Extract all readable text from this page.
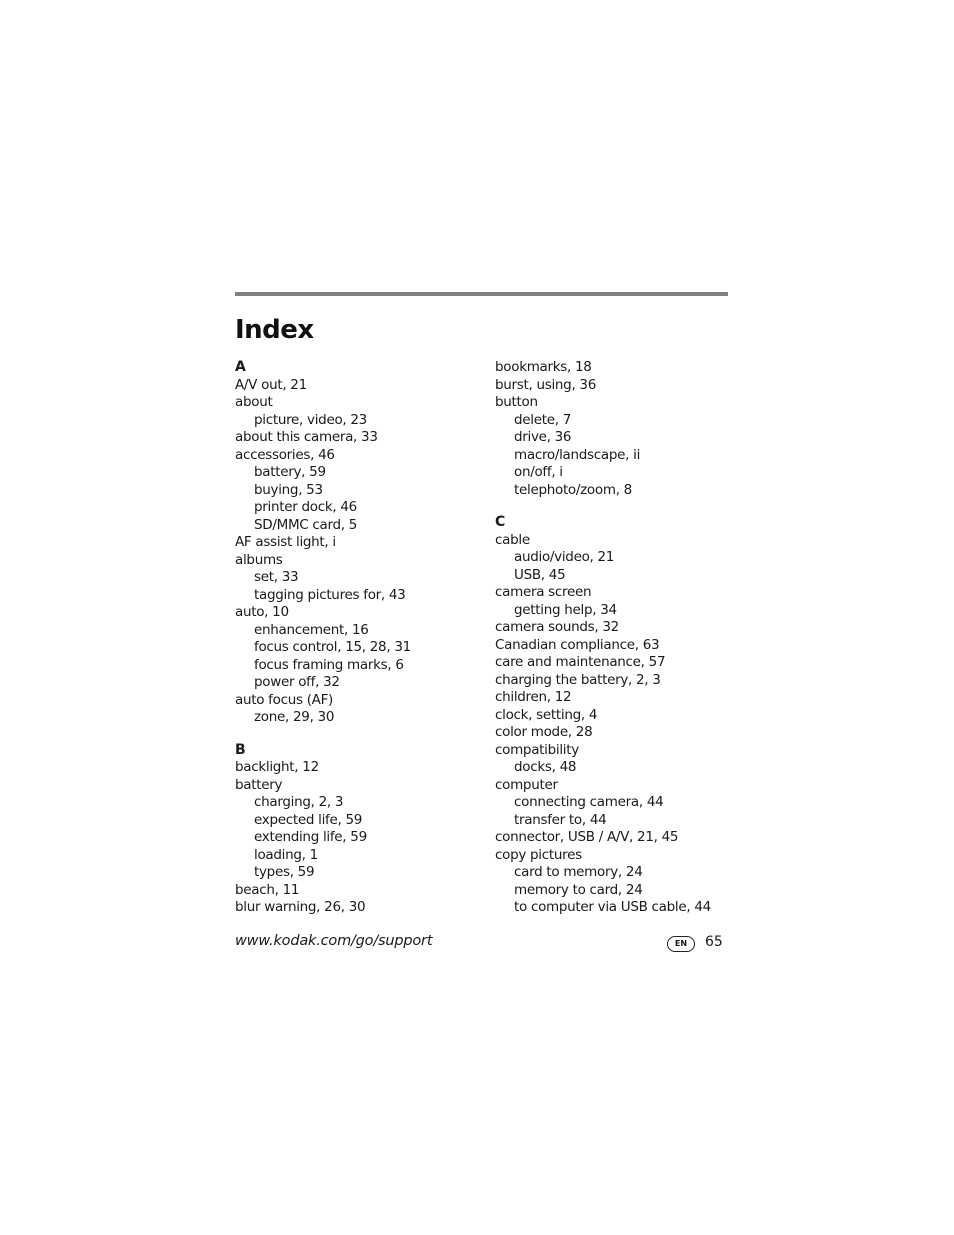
Index
A
A/V out, 21
about
picture, video, 23
about this camera, 33
accessories, 46
battery, 59
buying, 53
printer dock, 46
SD/MMC card, 5
AF assist light, i
albums
set, 33
tagging pictures for, 43
auto, 10
enhancement, 16
focus control, 15, 28, 31
focus framing marks, 6
power off, 32
auto focus (AF)
zone, 29, 30
B
backlight, 12
battery
charging, 2, 3
expected life, 59
extending life, 59
loading, 1
types, 59
beach, 11
blur warning, 26, 30
bookmarks, 18
burst, using, 36
button
delete, 7
drive, 36
macro/landscape, ii
on/off, i
telephoto/zoom, 8
C
cable
audio/video, 21
USB, 45
camera screen
getting help, 34
camera sounds, 32
Canadian compliance, 63
care and maintenance, 57
charging the battery, 2, 3
children, 12
clock, setting, 4
color mode, 28
compatibility
docks, 48
computer
connecting camera, 44
transfer to, 44
connector, USB / A/V, 21, 45
copy pictures
card to memory, 24
memory to card, 24
to computer via USB cable, 44
www.kodak.com/go/support	EN	65
